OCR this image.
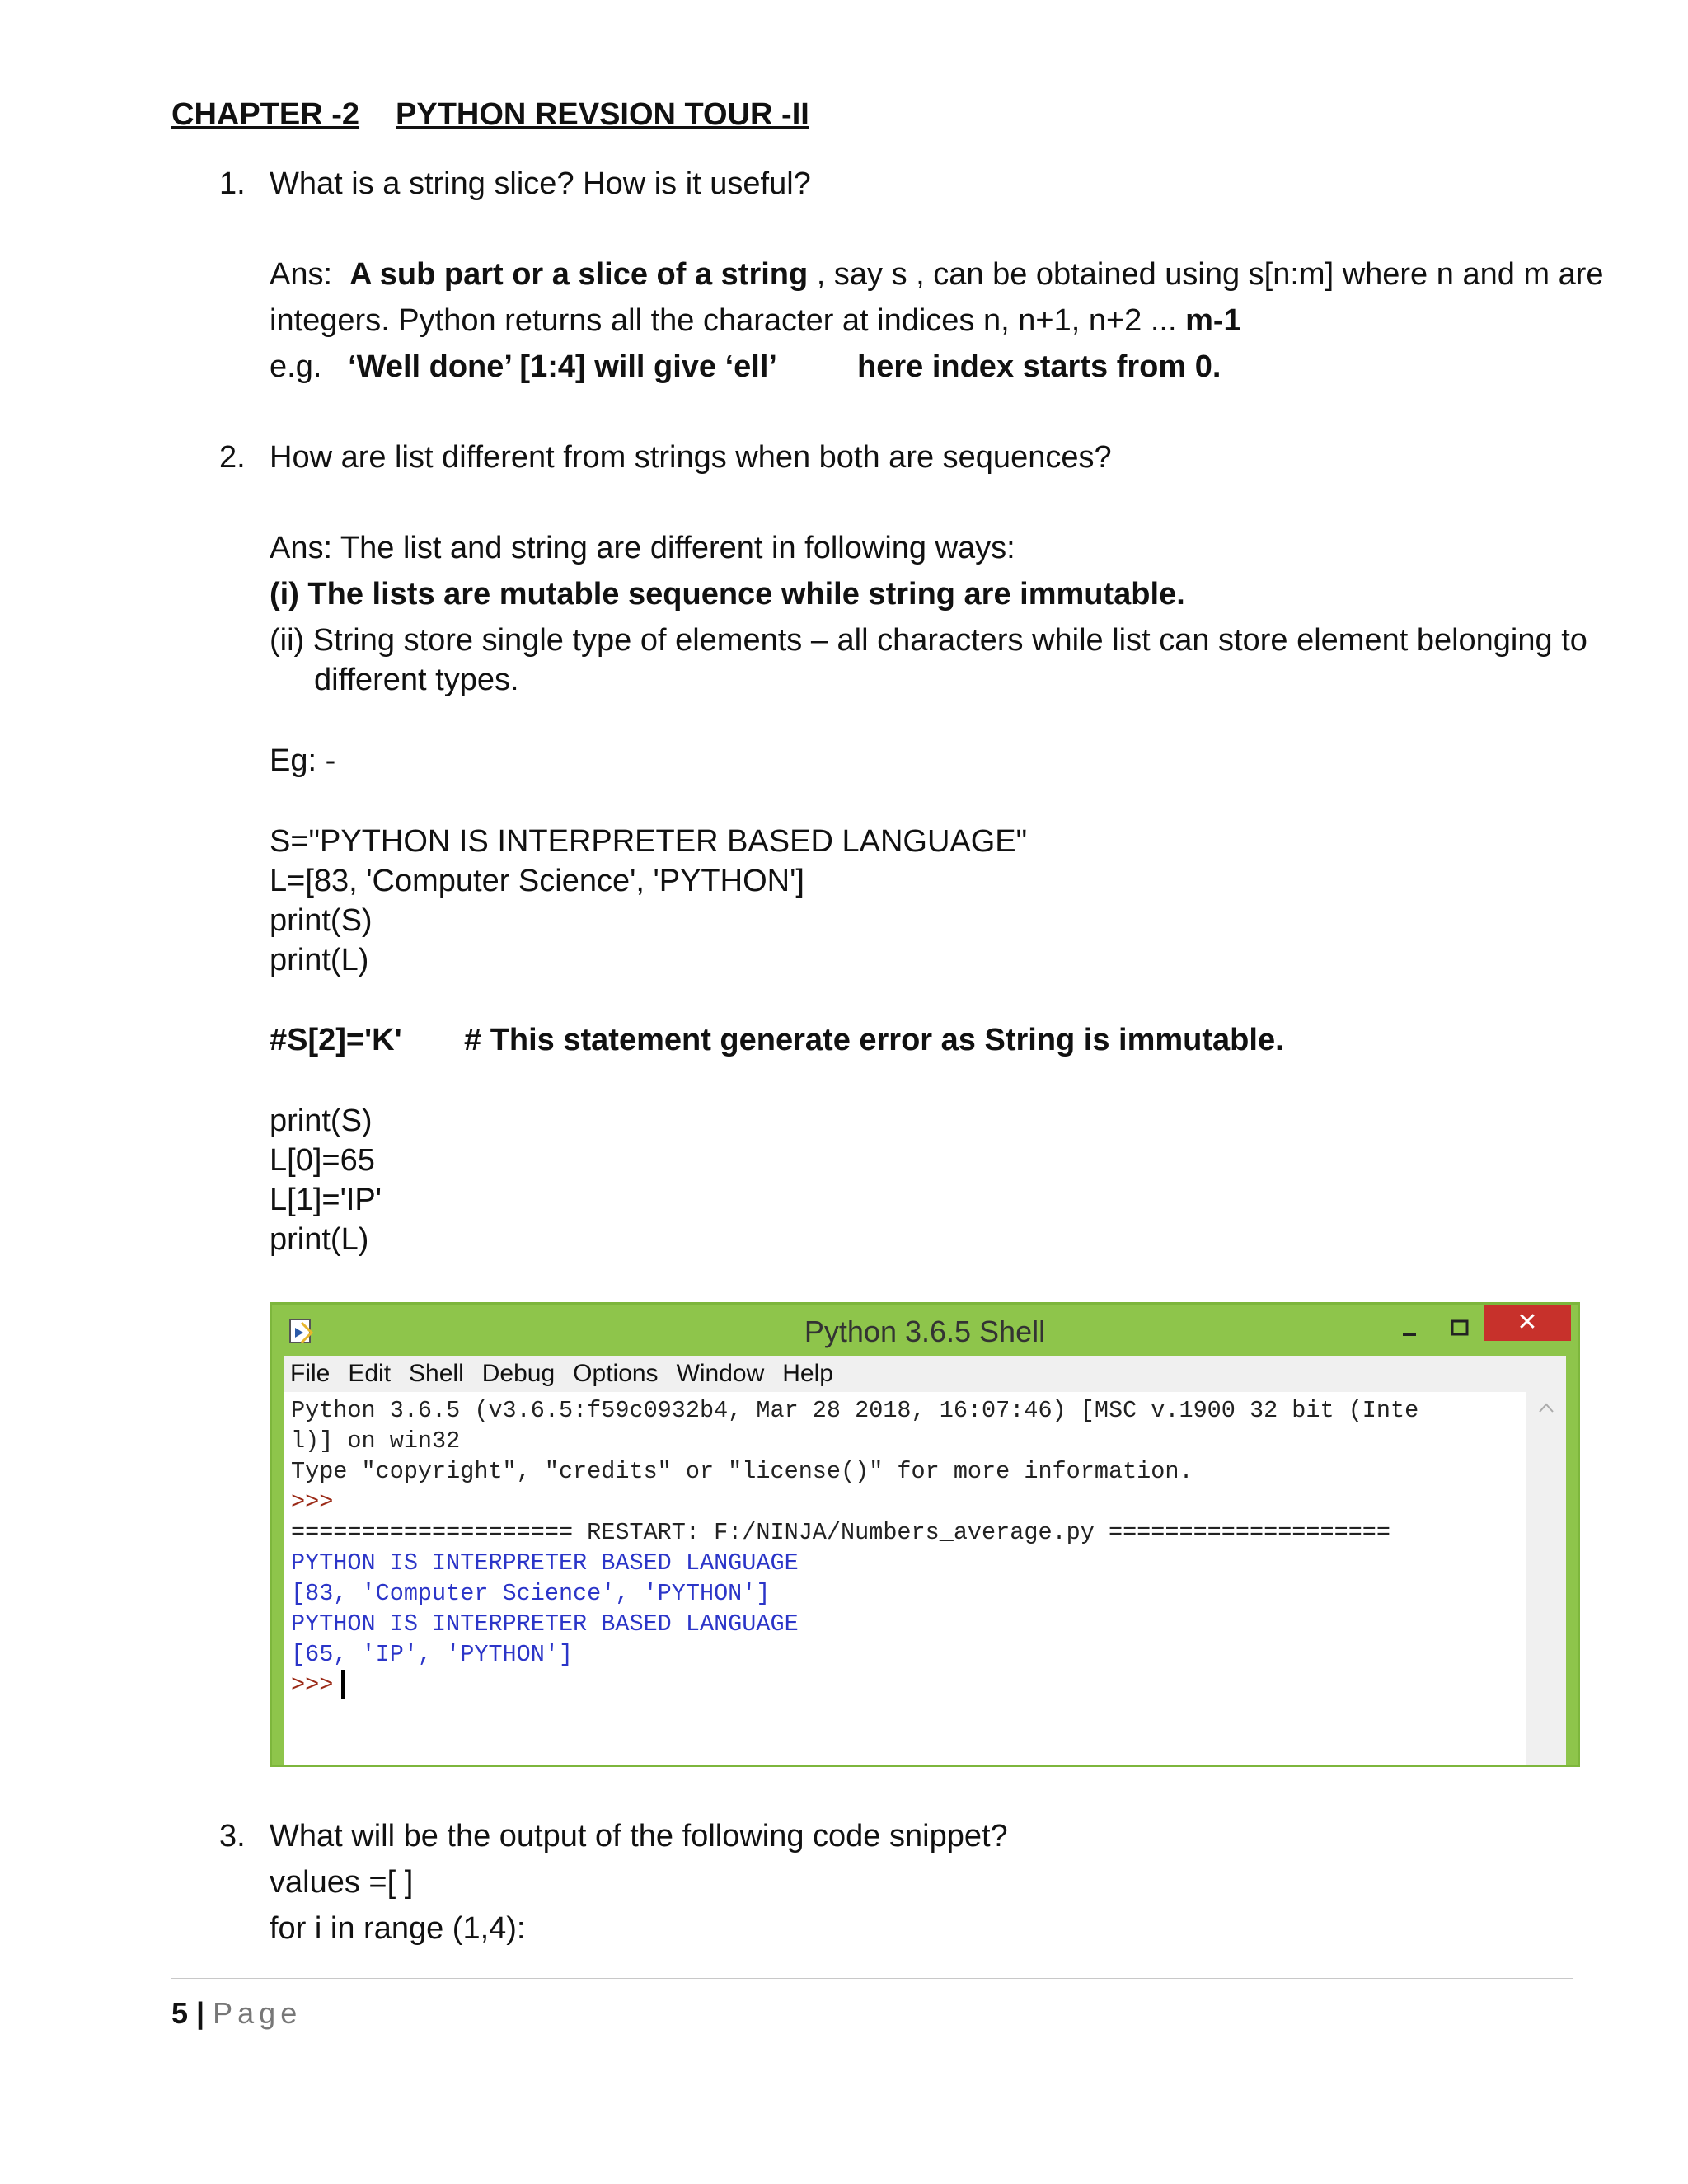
CHAPTER -2 PYTHON REVSION TOUR -II
1. What is a string slice? How is it useful?
Ans: A sub part or a slice of a string , say s , can be obtained using s[n:m] where n and m are
integers. Python returns all the character at indices n, n+1, n+2 ... m-1
e.g. ‘Well done’ [1:4] will give ‘ell’	here index starts from 0.
2. How are list different from strings when both are sequences?
Ans: The list and string are different in following ways:
(i) The lists are mutable sequence while string are immutable.
(ii) String store single type of elements – all characters while list can store element belonging to
different types.
Eg: -
S="PYTHON IS INTERPRETER BASED LANGUAGE"
L=[83, 'Computer Science', 'PYTHON']
print(S)
print(L)
#S[2]='K' # This statement generate error as String is immutable.
print(S)
L[0]=65
L[1]='IP'
print(L)
Python 3.6.5 Shell	✕
File Edit Shell Debug Options Window Help
Python 3.6.5 (v3.6.5:f59c0932b4, Mar 28 2018, 16:07:46) [MSC v.1900 32 bit (Inte
l)] on win32
Type "copyright", "credits" or "license()" for more information.
>>>
==================== RESTART: F:/NINJA/Numbers_average.py ====================
PYTHON IS INTERPRETER BASED LANGUAGE
[83, 'Computer Science', 'PYTHON']
PYTHON IS INTERPRETER BASED LANGUAGE
[65, 'IP', 'PYTHON']
>>>
3. What will be the output of the following code snippet?
values =[ ]
for i in range (1,4):
5 | Page
